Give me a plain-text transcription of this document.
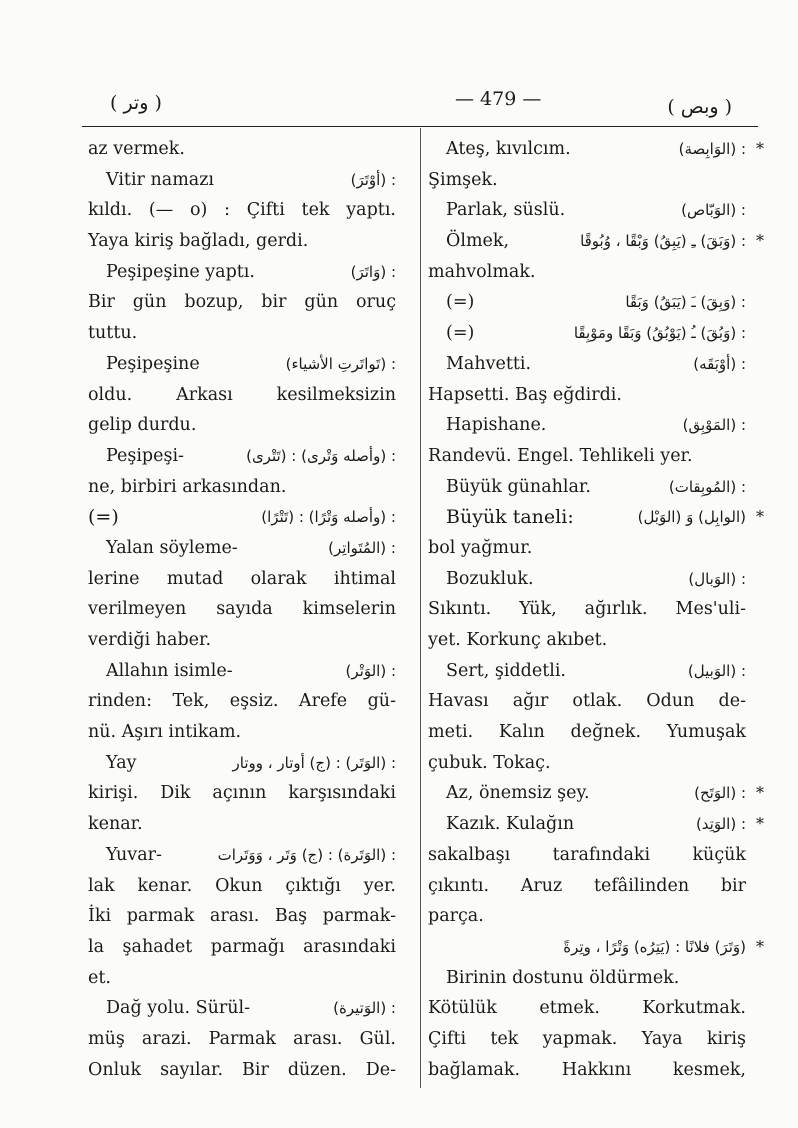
( وتر )	— 479 —	( وبص )
az vermek.
Vitir namazı	: (أوْتَرَ)
kıldı. (— o) : Çifti tek yaptı.
Yaya kiriş bağladı, gerdi.
Peşipeşine yaptı.	: (وَاتَرَ)
Bir gün bozup, bir gün oruç
tuttu.
Peşipeşine	: (تَواتَرتِ الأشياء)
oldu. Arkası kesilmeksizin
gelip durdu.
Peşipeşi-	: (وأصله وَتْرى) : (تَتْرى)
ne, birbiri arkasından.
(=)	: (وأصله وَتْرًا) : (تَتْرًا)
Yalan söyleme-	: (المُتَواتِر)
lerine mutad olarak ihtimal
verilmeyen sayıda kimselerin
verdiği haber.
Allahın isimle-	: (الوَتْر)
rinden: Tek, eşsiz. Arefe gü-
nü. Aşırı intikam.
Yay	: (الوَتَر) : (ج) أوتار ، ووتار
kirişi. Dik açının karşısındaki
kenar.
Yuvar-	: (الوَتَرة) : (ج) وَتَر ، وَوَتَرات
lak kenar. Okun çıktığı yer.
İki parmak arası. Baş parmak-
la şahadet parmağı arasındaki
et.
Dağ yolu. Sürül-	: (الوَتيرة)
müş arazi. Parmak arası. Gül.
Onluk sayılar. Bir düzen. De-
Ateş, kıvılcım.	: (الوَابِصة) *
Şimşek.
Parlak, süslü.	: (الوَبّاص)
Ölmek,	: (وَبَقَ) ـِ (يَبِقُ) وَبْقًا ، وُبُوقًا *
mahvolmak.
(=)	: (وَبِقَ) ـَ (يَبَقُ) وَبَقًا
(=)	: (وَبُقَ) ـُ (يَوْبُقُ) وَبَقًا ومَوْبِقًا
Mahvetti.	: (أوْبَقَه)
Hapsetti. Baş eğdirdi.
Hapishane.	: (المَوْبِق)
Randevü. Engel. Tehlikeli yer.
Büyük günahlar.	: (المُوبِقات)
Büyük taneli:	(الوابِل) وَ (الوَبْل) *
bol yağmur.
Bozukluk.	: (الوَبال)
Sıkıntı. Yük, ağırlık. Mes'uli-
yet. Korkunç akıbet.
Sert, şiddetli.	: (الوَبيل)
Havası ağır otlak. Odun de-
meti. Kalın değnek. Yumuşak
çubuk. Tokaç.
Az, önemsiz şey.	: (الوَتَح) *
Kazık. Kulağın	: (الوَتِد) *
sakalbaşı tarafındaki küçük
çıkıntı. Aruz tefâilinden bir
parça.
(وَتَرَ) فلانًا : (يَتِرُه) وَتْرًا ، وتِرةً *
Birinin dostunu öldürmek.
Kötülük etmek. Korkutmak.
Çifti tek yapmak. Yaya kiriş
bağlamak. Hakkını kesmek,
